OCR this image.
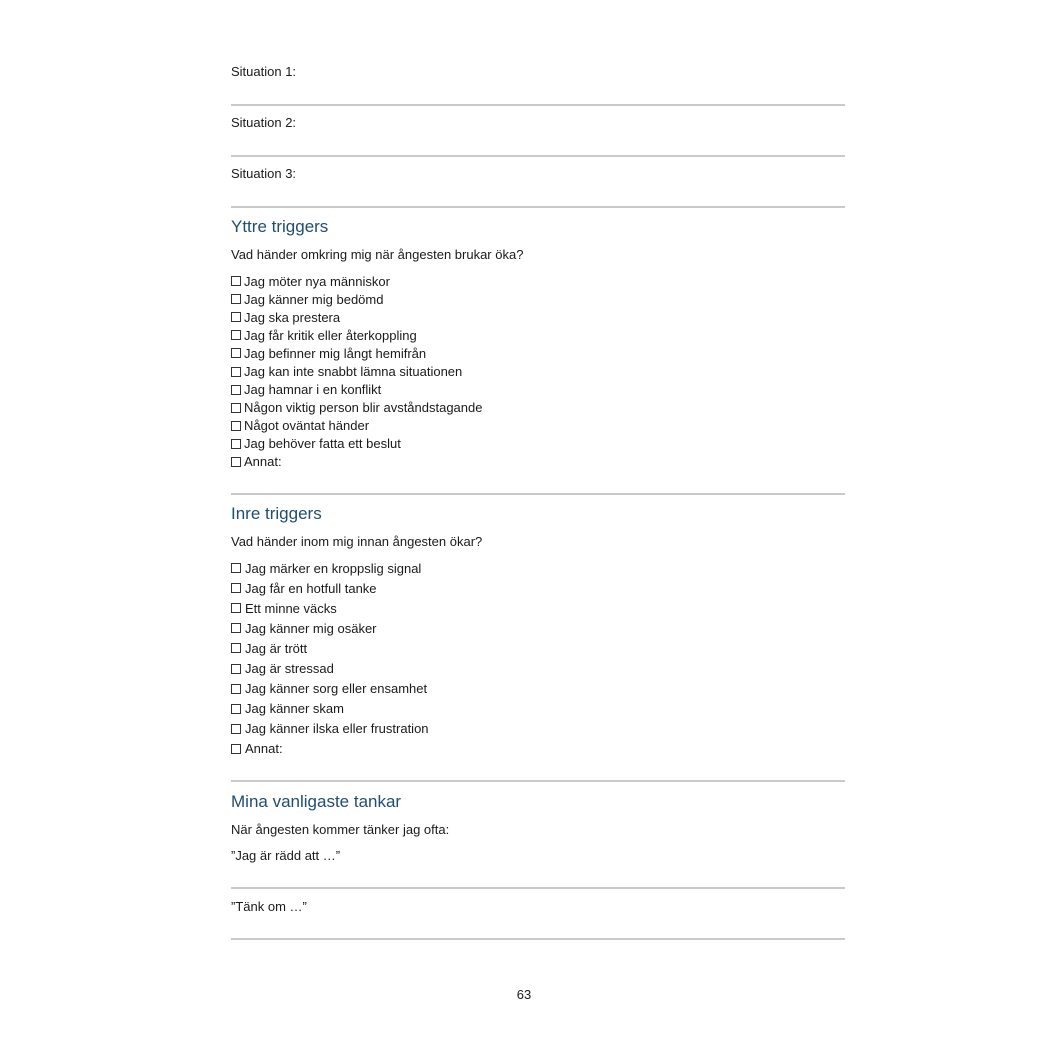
Situation 1:
Situation 2:
Situation 3:
Yttre triggers
Vad händer omkring mig när ångesten brukar öka?
Jag möter nya människor
Jag känner mig bedömd
Jag ska prestera
Jag får kritik eller återkoppling
Jag befinner mig långt hemifrån
Jag kan inte snabbt lämna situationen
Jag hamnar i en konflikt
Någon viktig person blir avståndstagande
Något oväntat händer
Jag behöver fatta ett beslut
Annat:
Inre triggers
Vad händer inom mig innan ångesten ökar?
Jag märker en kroppslig signal
Jag får en hotfull tanke
Ett minne väcks
Jag känner mig osäker
Jag är trött
Jag är stressad
Jag känner sorg eller ensamhet
Jag känner skam
Jag känner ilska eller frustration
Annat:
Mina vanligaste tankar
När ångesten kommer tänker jag ofta:
”Jag är rädd att …”
”Tänk om …”
63
